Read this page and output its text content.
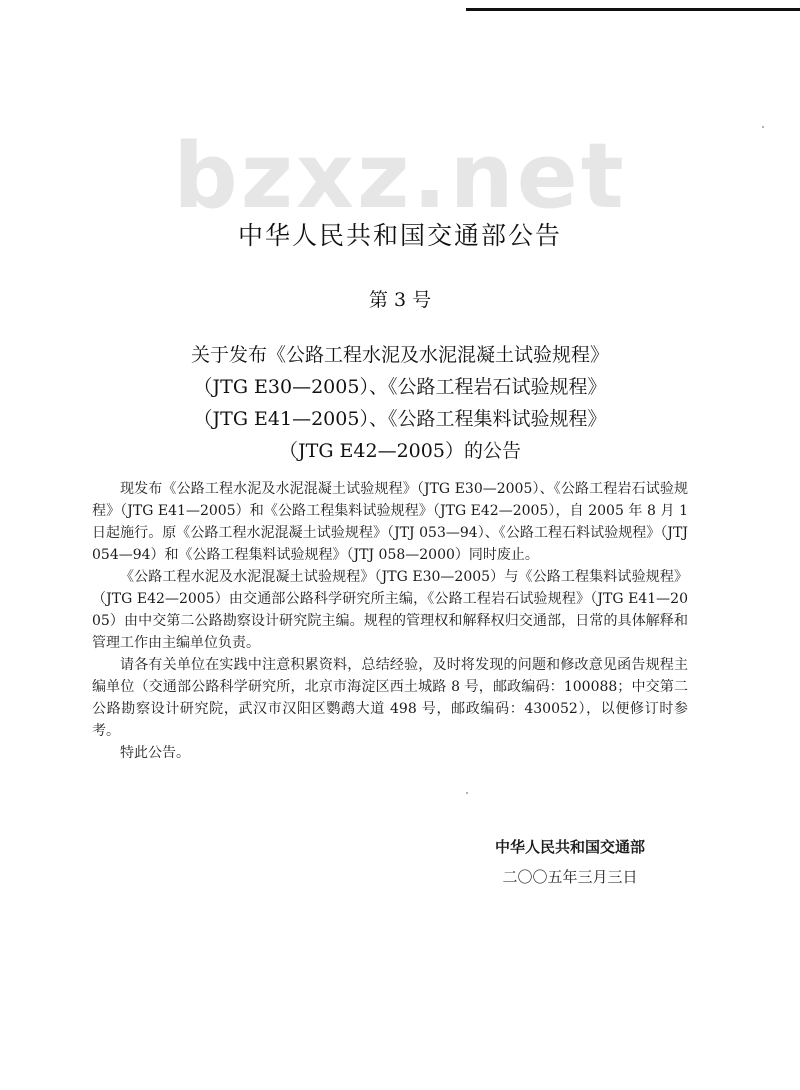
bzxz.net
中华人民共和国交通部公告
第 3 号
关于发布《公路工程水泥及水泥混凝土试验规程》
（JTG E30—2005）、《公路工程岩石试验规程》
（JTG E41—2005）、《公路工程集料试验规程》
（JTG E42—2005）的公告

现发布《公路工程水泥及水泥混凝土试验规程》（JTG E30—2005）、《公路工程岩石试验规程》（JTG E41—2005）和《公路工程集料试验规程》（JTG E42—2005），自 2005 年 8 月 1 日起施行。原《公路工程水泥混凝土试验规程》（JTJ 053—94）、《公路工程石料试验规程》（JTJ 054—94）和《公路工程集料试验规程》（JTJ 058—2000）同时废止。

《公路工程水泥及水泥混凝土试验规程》（JTG E30—2005）与《公路工程集料试验规程》（JTG E42—2005）由交通部公路科学研究所主编，《公路工程岩石试验规程》（JTG E41—2005）由中交第二公路勘察设计研究院主编。规程的管理权和解释权归交通部，日常的具体解释和管理工作由主编单位负责。

请各有关单位在实践中注意积累资料，总结经验，及时将发现的问题和修改意见函告规程主编单位（交通部公路科学研究所，北京市海淀区西土城路 8 号，邮政编码：100088；中交第二公路勘察设计研究院，武汉市汉阳区鹦鹉大道 498 号，邮政编码：430052），以便修订时参考。

特此公告。

中华人民共和国交通部
二〇〇五年三月三日
